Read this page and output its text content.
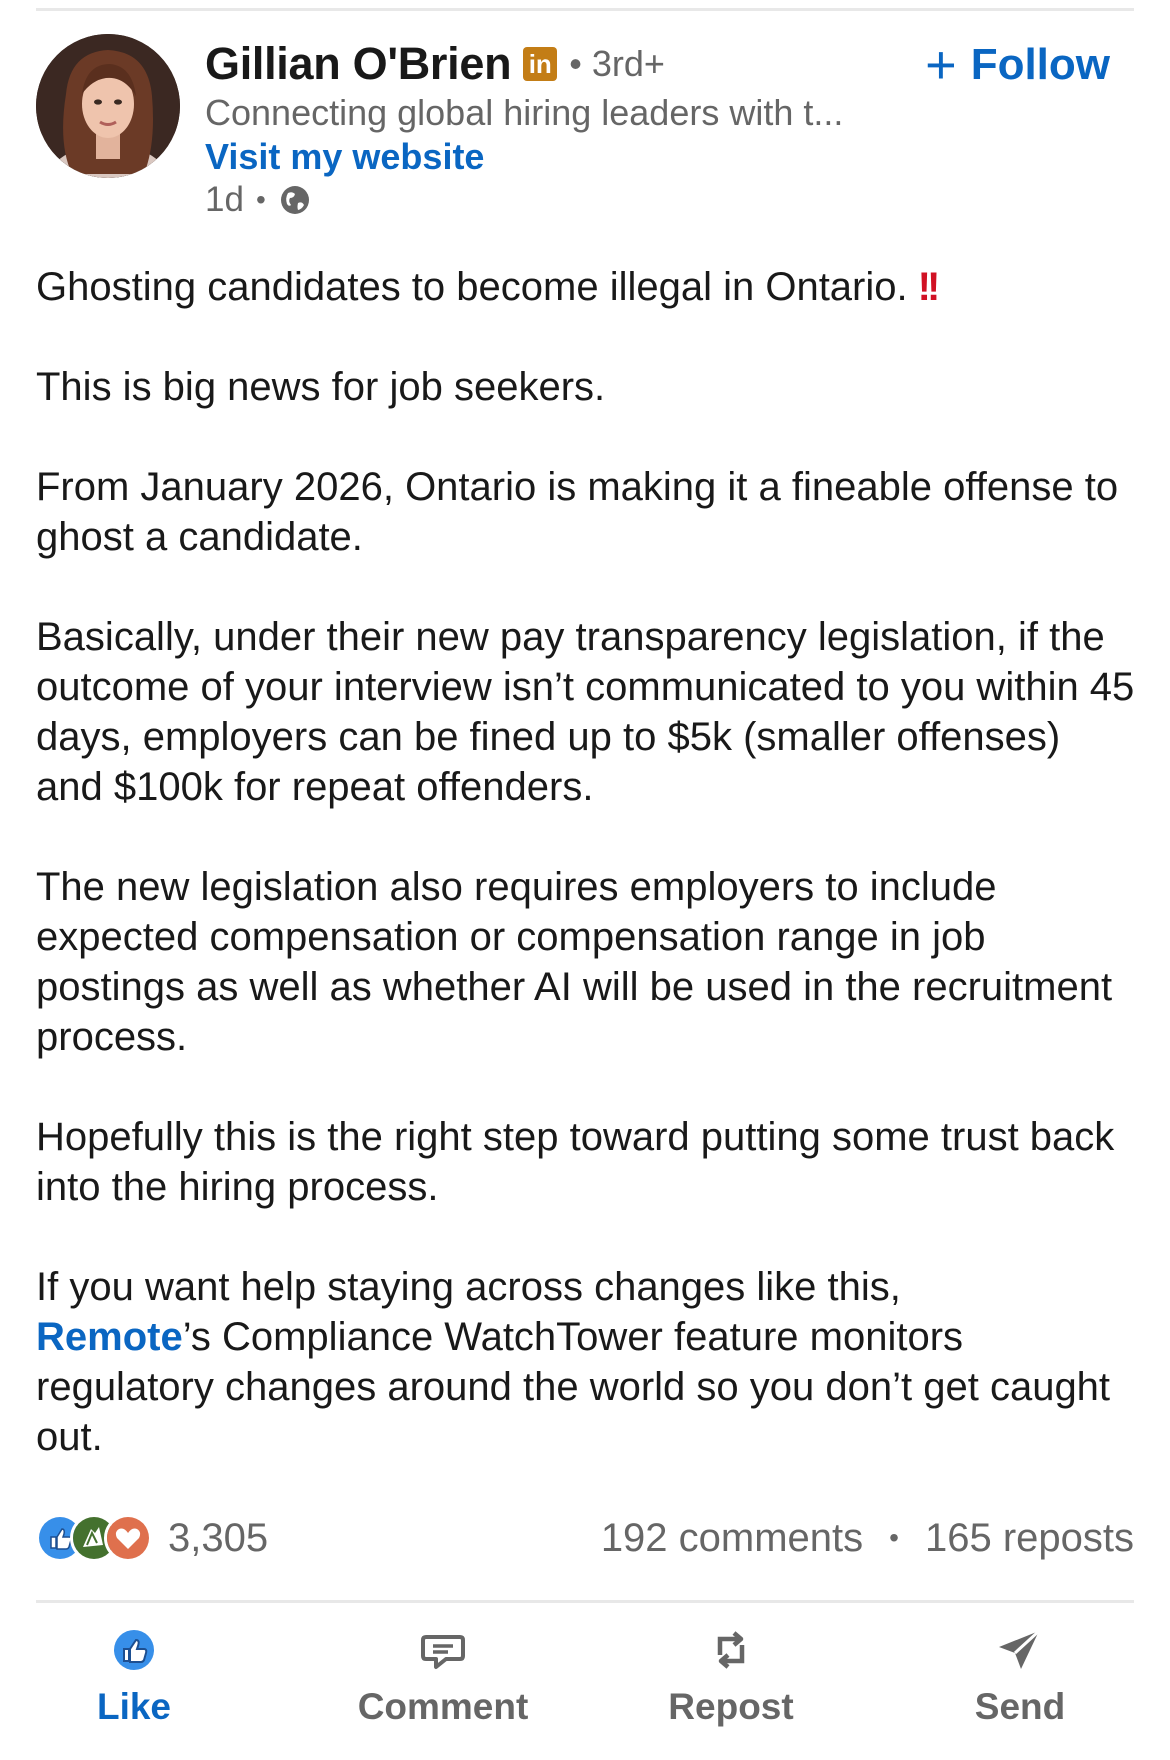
Gillian O'Brien in • 3rd+	+ Follow
Connecting global hiring leaders with t...
Visit my website
1d •

Ghosting candidates to become illegal in Ontario. !!

This is big news for job seekers.

From January 2026, Ontario is making it a fineable offense to ghost a candidate.

Basically, under their new pay transparency legislation, if the outcome of your interview isn’t communicated to you within 45 days, employers can be fined up to $5k (smaller offenses) and $100k for repeat offenders.

The new legislation also requires employers to include expected compensation or compensation range in job postings as well as whether AI will be used in the recruitment process.

Hopefully this is the right step toward putting some trust back into the hiring process.

If you want help staying across changes like this,
Remote’s Compliance WatchTower feature monitors regulatory changes around the world so you don’t get caught out.

3,305	192 comments • 165 reposts
Like	Comment	Repost	Send
